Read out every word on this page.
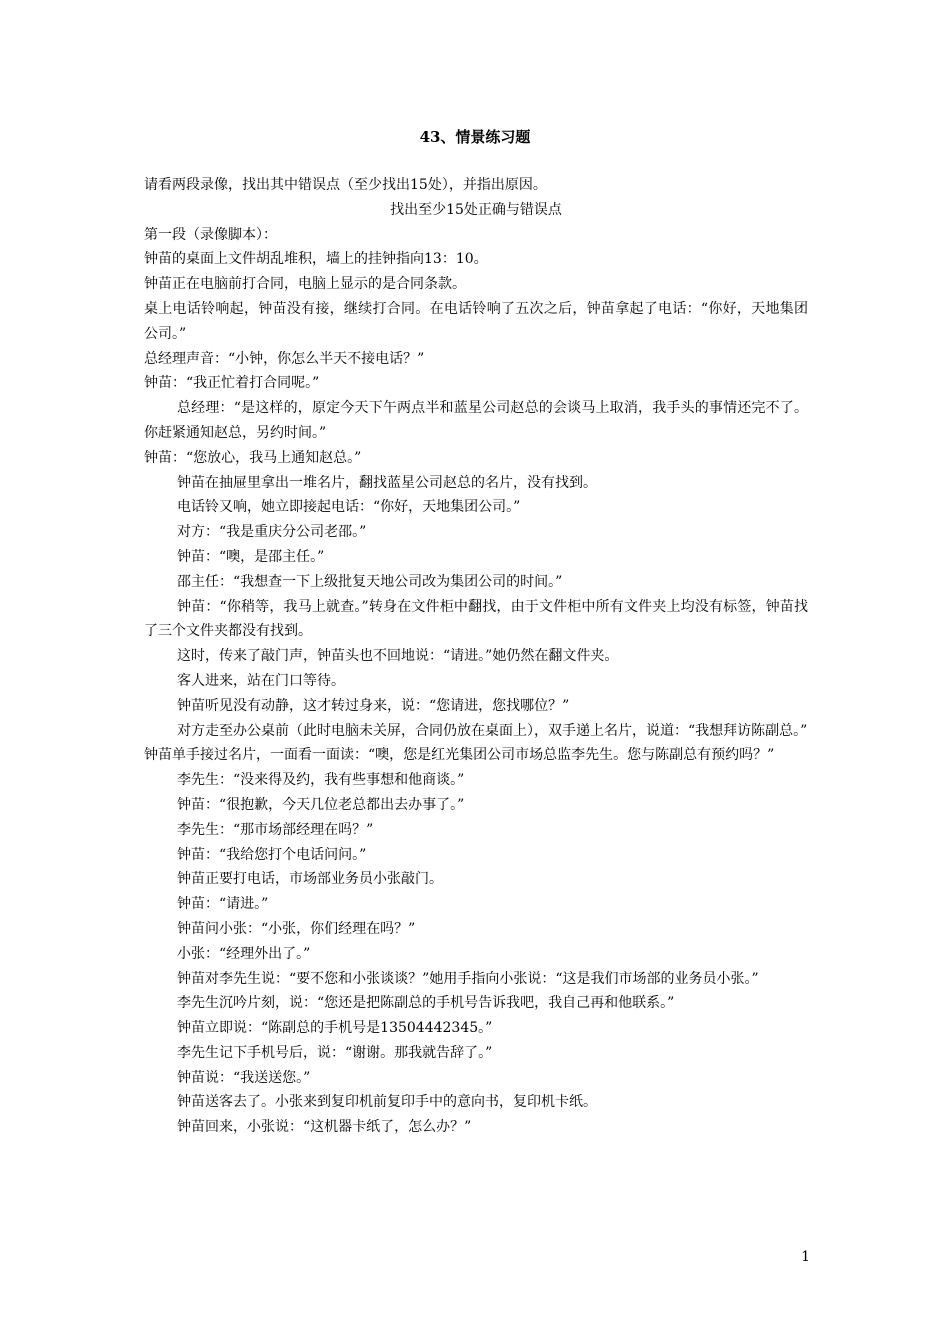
43、情景练习题

请看两段录像，找出其中错误点（至少找出15处），并指出原因。

找出至少15处正确与错误点

第一段（录像脚本）：

钟苗的桌面上文件胡乱堆积，墙上的挂钟指向13：10。

钟苗正在电脑前打合同，电脑上显示的是合同条款。

桌上电话铃响起，钟苗没有接，继续打合同。在电话铃响了五次之后，钟苗拿起了电话：“你好，天地集团公司。”

总经理声音：“小钟，你怎么半天不接电话？”

钟苗：“我正忙着打合同呢。”

总经理：“是这样的，原定今天下午两点半和蓝星公司赵总的会谈马上取消，我手头的事情还完不了。你赶紧通知赵总，另约时间。”

钟苗：“您放心，我马上通知赵总。”

钟苗在抽屉里拿出一堆名片，翻找蓝星公司赵总的名片，没有找到。

电话铃又响，她立即接起电话：“你好，天地集团公司。”

对方：“我是重庆分公司老邵。”

钟苗：“噢，是邵主任。”

邵主任：“我想查一下上级批复天地公司改为集团公司的时间。”

钟苗：“你稍等，我马上就查。”转身在文件柜中翻找，由于文件柜中所有文件夹上均没有标签，钟苗找了三个文件夹都没有找到。

这时，传来了敲门声，钟苗头也不回地说：“请进。”她仍然在翻文件夹。

客人进来，站在门口等待。

钟苗听见没有动静，这才转过身来，说：“您请进，您找哪位？”

对方走至办公桌前（此时电脑未关屏，合同仍放在桌面上），双手递上名片，说道：“我想拜访陈副总。”

钟苗单手接过名片，一面看一面读：“噢，您是红光集团公司市场总监李先生。您与陈副总有预约吗？”

李先生：“没来得及约，我有些事想和他商谈。”

钟苗：“很抱歉，今天几位老总都出去办事了。”

李先生：“那市场部经理在吗？”

钟苗：“我给您打个电话问问。”

钟苗正要打电话，市场部业务员小张敲门。

钟苗：“请进。”

钟苗问小张：“小张，你们经理在吗？”

小张：“经理外出了。”

钟苗对李先生说：“要不您和小张谈谈？”她用手指向小张说：“这是我们市场部的业务员小张。”

李先生沉吟片刻，说：“您还是把陈副总的手机号告诉我吧，我自己再和他联系。”

钟苗立即说：“陈副总的手机号是13504442345。”

李先生记下手机号后，说：“谢谢。那我就告辞了。”

钟苗说：“我送送您。”

钟苗送客去了。小张来到复印机前复印手中的意向书，复印机卡纸。

钟苗回来，小张说：“这机器卡纸了，怎么办？”

1
